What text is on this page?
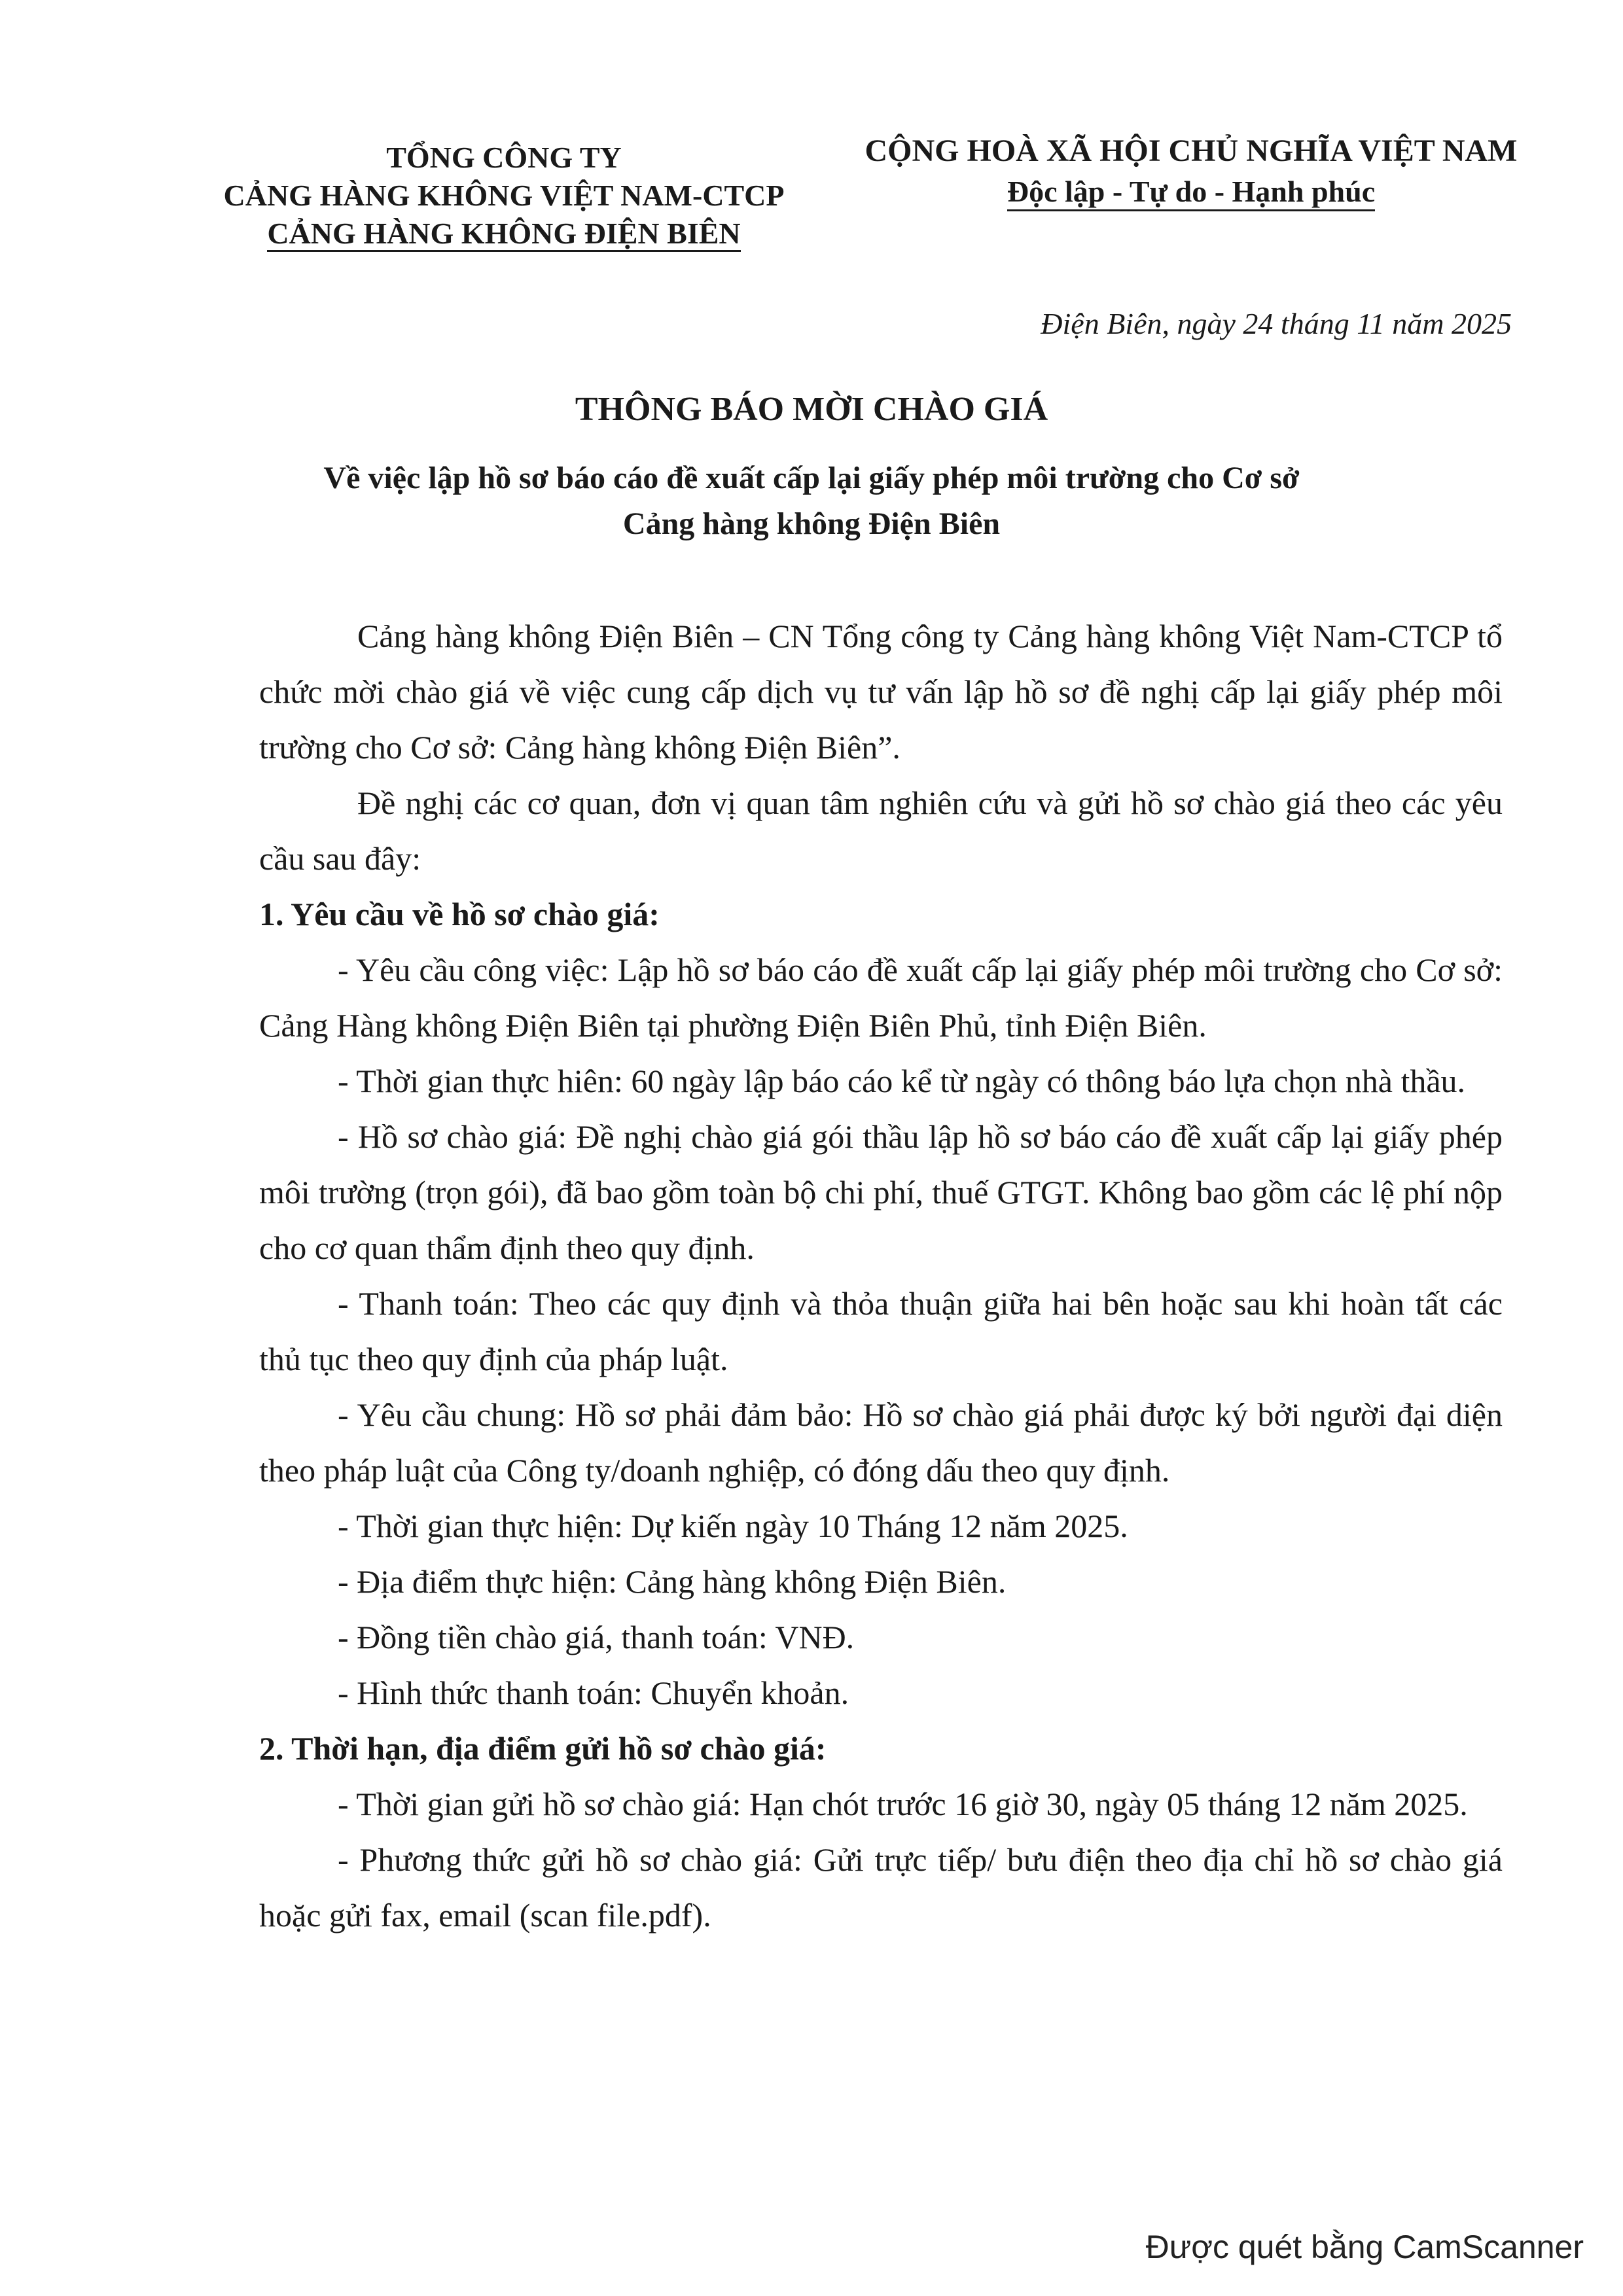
TỔNG CÔNG TY
CẢNG HÀNG KHÔNG VIỆT NAM-CTCP
CẢNG HÀNG KHÔNG ĐIỆN BIÊN
CỘNG HOÀ XÃ HỘI CHỦ NGHĨA VIỆT NAM
Độc lập - Tự do - Hạnh phúc
Điện Biên, ngày 24 tháng 11 năm 2025
THÔNG BÁO MỜI CHÀO GIÁ
Về việc lập hồ sơ báo cáo đề xuất cấp lại giấy phép môi trường cho Cơ sở
Cảng hàng không Điện Biên

Cảng hàng không Điện Biên – CN Tổng công ty Cảng hàng không Việt Nam-CTCP tổ chức mời chào giá về việc cung cấp dịch vụ tư vấn lập hồ sơ đề nghị cấp lại giấy phép môi trường cho Cơ sở: Cảng hàng không Điện Biên”.

Đề nghị các cơ quan, đơn vị quan tâm nghiên cứu và gửi hồ sơ chào giá theo các yêu cầu sau đây:

1. Yêu cầu về hồ sơ chào giá:

- Yêu cầu công việc: Lập hồ sơ báo cáo đề xuất cấp lại giấy phép môi trường cho Cơ sở: Cảng Hàng không Điện Biên tại phường Điện Biên Phủ, tỉnh Điện Biên.

- Thời gian thực hiên: 60 ngày lập báo cáo kể từ ngày có thông báo lựa chọn nhà thầu.

- Hồ sơ chào giá: Đề nghị chào giá gói thầu lập hồ sơ báo cáo đề xuất cấp lại giấy phép môi trường (trọn gói), đã bao gồm toàn bộ chi phí, thuế GTGT. Không bao gồm các lệ phí nộp cho cơ quan thẩm định theo quy định.

- Thanh toán: Theo các quy định và thỏa thuận giữa hai bên hoặc sau khi hoàn tất các thủ tục theo quy định của pháp luật.

- Yêu cầu chung: Hồ sơ phải đảm bảo: Hồ sơ chào giá phải được ký bởi người đại diện theo pháp luật của Công ty/doanh nghiệp, có đóng dấu theo quy định.

- Thời gian thực hiện: Dự kiến ngày 10 Tháng 12 năm 2025.

- Địa điểm thực hiện: Cảng hàng không Điện Biên.

- Đồng tiền chào giá, thanh toán: VNĐ.

- Hình thức thanh toán: Chuyển khoản.

2. Thời hạn, địa điểm gửi hồ sơ chào giá:

- Thời gian gửi hồ sơ chào giá: Hạn chót trước 16 giờ 30, ngày 05 tháng 12 năm 2025.

- Phương thức gửi hồ sơ chào giá: Gửi trực tiếp/ bưu điện theo địa chỉ hồ sơ chào giá hoặc gửi fax, email (scan file.pdf).

Được quét bằng CamScanner
